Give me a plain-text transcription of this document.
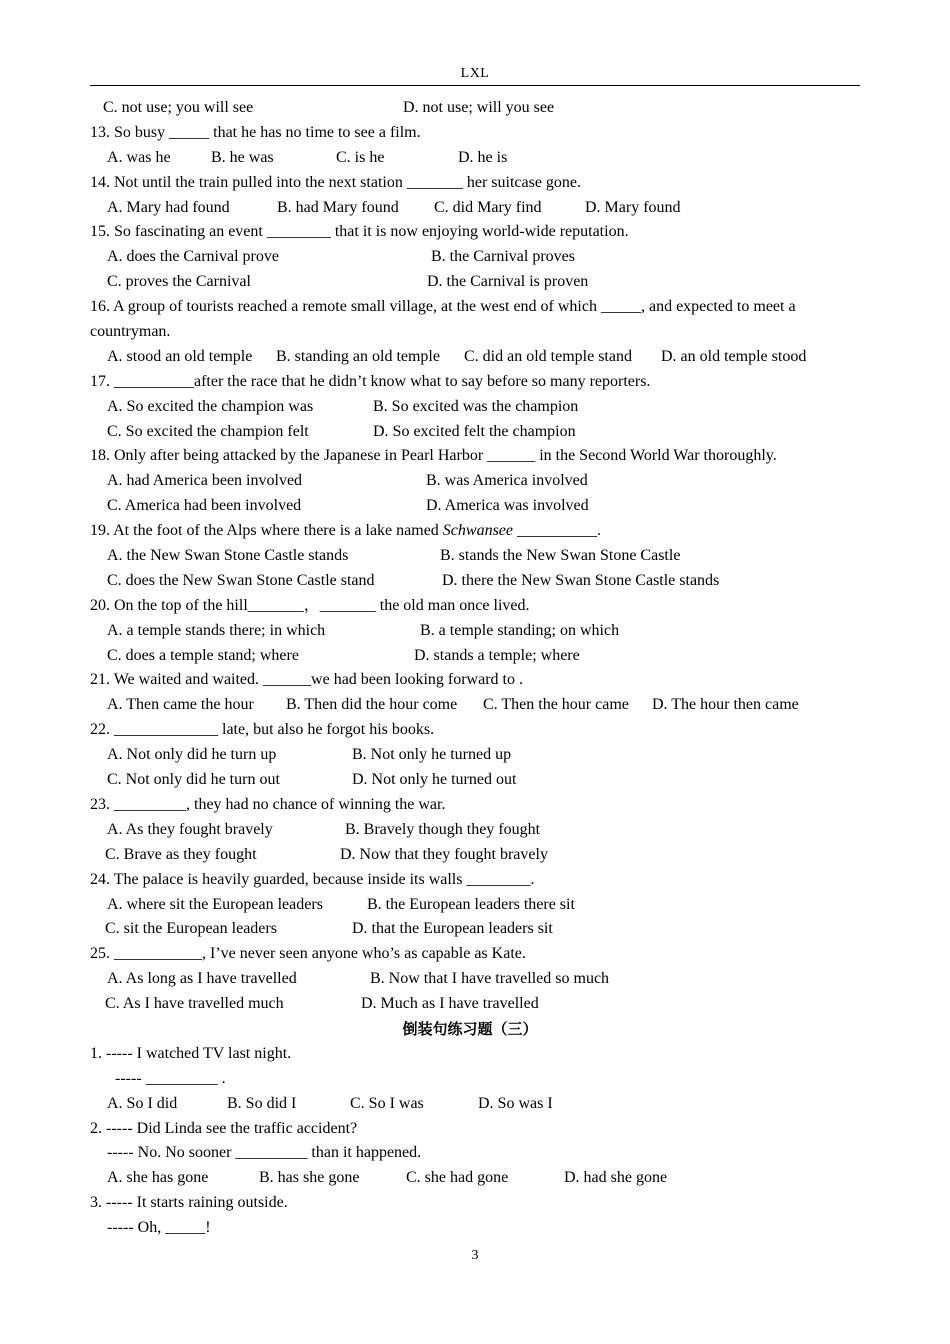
LXL
C. not use; you will see	D. not use; will you see
13. So busy _____ that he has no time to see a film.
A. was he	B. he was	C. is he	D. he is
14. Not until the train pulled into the next station _______ her suitcase gone.
A. Mary had found	B. had Mary found C. did Mary find	D. Mary found
15. So fascinating an event ________ that it is now enjoying world-wide reputation.
A. does the Carnival prove	B. the Carnival proves
C. proves the Carnival	D. the Carnival is proven
16. A group of tourists reached a remote small village, at the west end of which _____, and expected to meet a
countryman.
A. stood an old temple B. standing an old temple C. did an old temple stand D. an old temple stood
17. __________after the race that he didn’t know what to say before so many reporters.
A. So excited the champion was	B. So excited was the champion
C. So excited the champion felt	D. So excited felt the champion
18. Only after being attacked by the Japanese in Pearl Harbor ______ in the Second World War thoroughly.
A. had America been involved	B. was America involved
C. America had been involved	D. America was involved
19. At the foot of the Alps where there is a lake named Schwansee __________.
A. the New Swan Stone Castle stands	B. stands the New Swan Stone Castle
C. does the New Swan Stone Castle stand	D. there the New Swan Stone Castle stands
20. On the top of the hill_______，_______ the old man once lived.
A. a temple stands there; in which	B. a temple standing; on which
C. does a temple stand; where	D. stands a temple; where
21. We waited and waited. ______we had been looking forward to .
A. Then came the hour B. Then did the hour come C. Then the hour came D. The hour then came
22. _____________ late, but also he forgot his books.
A. Not only did he turn up	B. Not only he turned up
C. Not only did he turn out	D. Not only he turned out
23. _________, they had no chance of winning the war.
A. As they fought bravely	B. Bravely though they fought
C. Brave as they fought	D. Now that they fought bravely
24. The palace is heavily guarded, because inside its walls ________.
A. where sit the European leaders	B. the European leaders there sit
C. sit the European leaders	D. that the European leaders sit
25. ___________, I’ve never seen anyone who’s as capable as Kate.
A. As long as I have travelled	B. Now that I have travelled so much
C. As I have travelled much	D. Much as I have travelled
倒装句练习题（三）
1. ----- I watched TV last night.
----- _________ .
A. So I did	B. So did I	C. So I was	D. So was I
2. ----- Did Linda see the traffic accident?
----- No. No sooner _________ than it happened.
A. she has gone	B. has she gone	C. she had gone	D. had she gone
3. ----- It starts raining outside.
----- Oh, _____!
3
